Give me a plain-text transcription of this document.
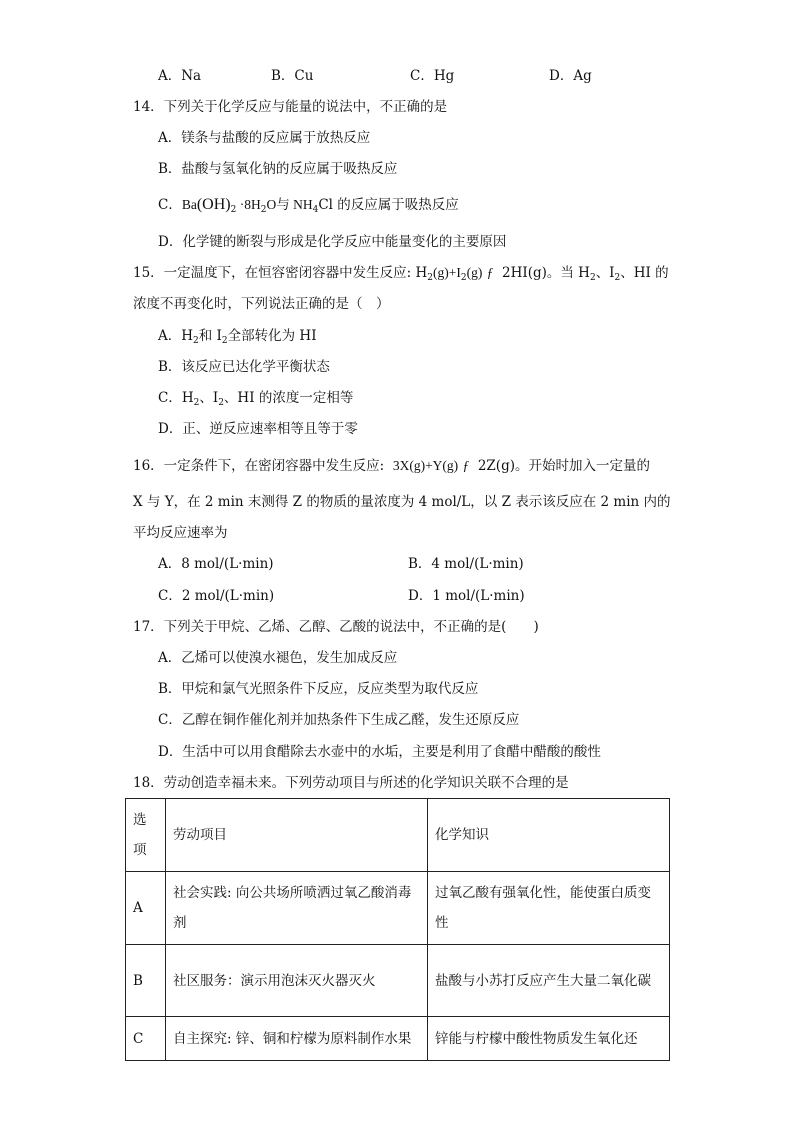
A．Na	B．Cu	C．Hg	D．Ag
14．下列关于化学反应与能量的说法中，不正确的是
A．镁条与盐酸的反应属于放热反应
B．盐酸与氢氧化钠的反应属于吸热反应
C．$Ba(OH)_2 \cdot 8H_2O$与 $NH_4Cl$ 的反应属于吸热反应
D．化学键的断裂与形成是化学反应中能量变化的主要原因
15．一定温度下，在恒容密闭容器中发生反应: $H_2(g)+I_2(g)$ ƒ 2HI(g)。当 $H_2$、$I_2$、HI 的
浓度不再变化时，下列说法正确的是（　）
A．$H_2$和 $I_2$全部转化为 HI
B．该反应已达化学平衡状态
C．$H_2$、$I_2$、HI 的浓度一定相等
D．正、逆反应速率相等且等于零
16．一定条件下，在密闭容器中发生反应: 3X(g)+Y(g) ƒ 2Z(g)。开始时加入一定量的
X 与 Y，在 2 min 末测得 Z 的物质的量浓度为 4 mol/L，以 Z 表示该反应在 2 min 内的
平均反应速率为
A．8 mol/(L·min)	B．4 mol/(L·min)
C．2 mol/(L·min)	D．1 mol/(L·min)
17．下列关于甲烷、乙烯、乙醇、乙酸的说法中，不正确的是(　　)
A．乙烯可以使溴水褪色，发生加成反应
B．甲烷和氯气光照条件下反应，反应类型为取代反应
C．乙醇在铜作催化剂并加热条件下生成乙醛，发生还原反应
D．生活中可以用食醋除去水壶中的水垢，主要是利用了食醋中醋酸的酸性
18．劳动创造幸福未来。下列劳动项目与所述的化学知识关联不合理的是
选项	劳动项目	化学知识
A	社会实践: 向公共场所喷洒过氧乙酸消毒剂	过氧乙酸有强氧化性，能使蛋白质变性
B	社区服务：演示用泡沫灭火器灭火	盐酸与小苏打反应产生大量二氧化碳
C	自主探究: 锌、铜和柠檬为原料制作水果	锌能与柠檬中酸性物质发生氧化还
